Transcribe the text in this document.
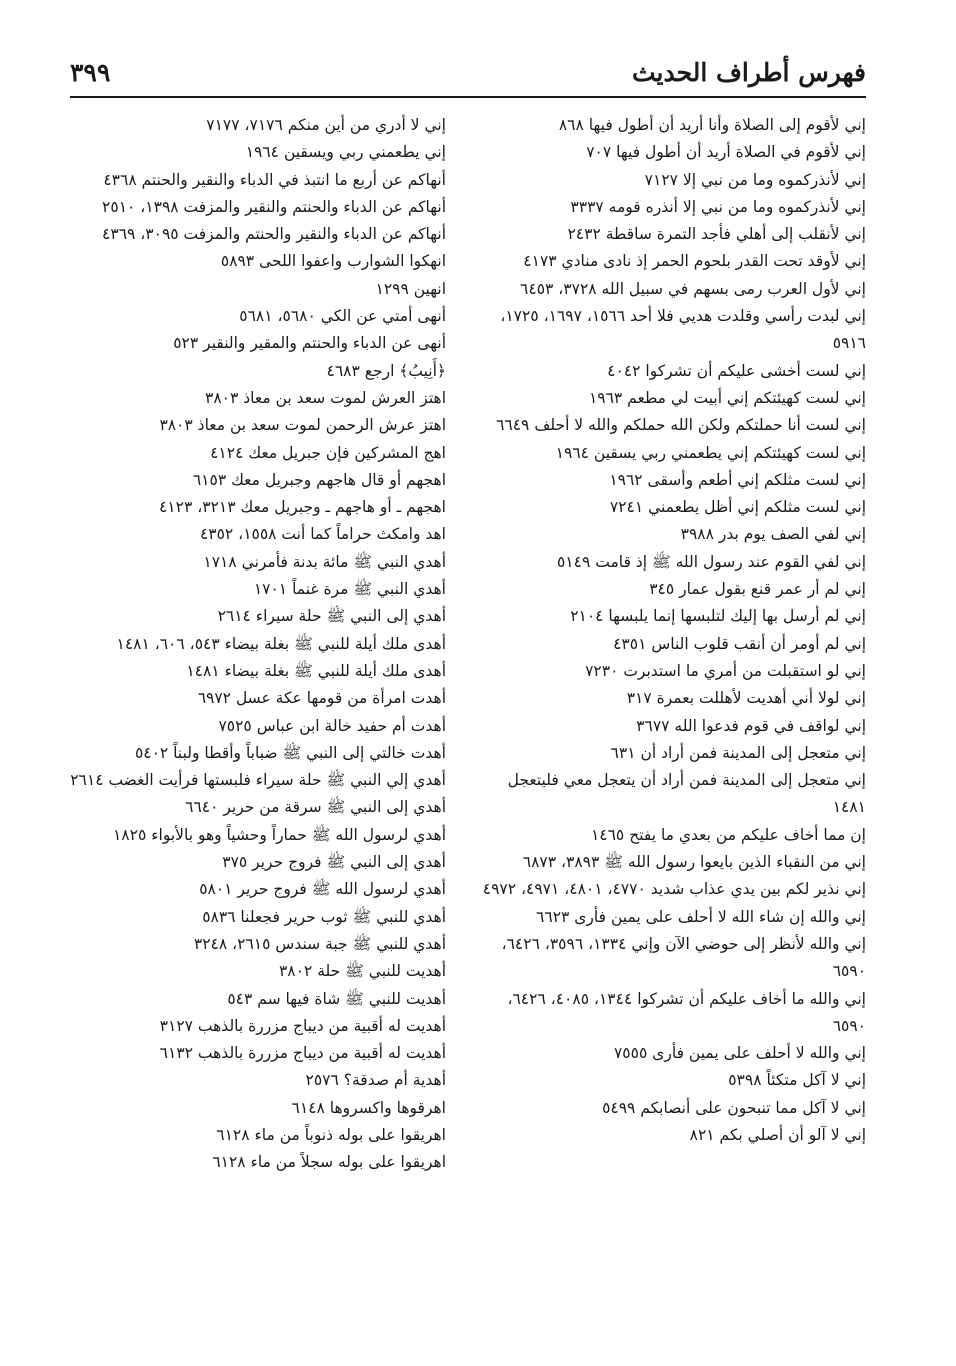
فهرس أطراف الحديث
٣٩٩

إني لأقوم إلى الصلاة وأنا أريد أن أطول فيها ٨٦٨

إني لأقوم في الصلاة أريد أن أطول فيها ٧٠٧

إني لأنذركموه وما من نبي إلا ٧١٢٧

إني لأنذركموه وما من نبي إلا أنذره قومه ٣٣٣٧

إني لأنقلب إلى أهلي فأجد التمرة ساقطة ٢٤٣٢

إني لأوقد تحت القدر بلحوم الحمر إذ نادى منادي ٤١٧٣

إني لأول العرب رمى بسهم في سبيل الله ٣٧٢٨، ٦٤٥٣

إني لبدت رأسي وقلدت هديي فلا أحد ١٥٦٦، ١٦٩٧، ١٧٢٥، ٥٩١٦

إني لست أخشى عليكم أن تشركوا ٤٠٤٢

إني لست كهيئتكم إني أبيت لي مطعم ١٩٦٣

إني لست أنا حملتكم ولكن الله حملكم والله لا أحلف ٦٦٤٩

إني لست كهيئتكم إني يطعمني ربي يسقين ١٩٦٤

إني لست مثلكم إني أطعم وأسقى ١٩٦٢

إني لست مثلكم إني أظل يطعمني ٧٢٤١

إني لفي الصف يوم بدر ٣٩٨٨

إني لفي القوم عند رسول الله ﷺ إذ قامت ٥١٤٩

إني لم أر عمر قنع بقول عمار ٣٤٥

إني لم أرسل بها إليك لتلبسها إنما يلبسها ٢١٠٤

إني لم أومر أن أنقب قلوب الناس ٤٣٥١

إني لو استقبلت من أمري ما استدبرت ٧٢٣٠

إني لولا أني أهديت لأهللت بعمرة ٣١٧

إني لواقف في قوم فدعوا الله ٣٦٧٧

إني متعجل إلى المدينة فمن أراد أن ٦٣١

إني متعجل إلى المدينة فمن أراد أن يتعجل معي فليتعجل ١٤٨١

إن مما أخاف عليكم من بعدي ما يفتح ١٤٦٥

إني من النقباء الذين بايعوا رسول الله ﷺ ٣٨٩٣، ٦٨٧٣

إني نذير لكم بين يدي عذاب شديد ٤٧٧٠، ٤٨٠١، ٤٩٧١، ٤٩٧٢

إني والله إن شاء الله لا أحلف على يمين فأرى ٦٦٢٣

إني والله لأنظر إلى حوضي الآن وإني ١٣٣٤، ٣٥٩٦، ٦٤٢٦، ٦٥٩٠

إني والله ما أخاف عليكم أن تشركوا ١٣٤٤، ٤٠٨٥، ٦٤٢٦، ٦٥٩٠

إني والله لا أحلف على يمين فأرى ٧٥٥٥

إني لا آكل متكئاً ٥٣٩٨

إني لا آكل مما تنبحون على أنصابكم ٥٤٩٩

إني لا آلو أن أصلي بكم ٨٢١

إني لا أدري من أين منكم ٧١٧٦، ٧١٧٧

إني يطعمني ربي ويسقين ١٩٦٤

أنهاكم عن أربع ما انتبذ في الدباء والنقير والحنتم ٤٣٦٨

أنهاكم عن الدباء والحنتم والنقير والمزفت ١٣٩٨، ٢٥١٠

أنهاكم عن الدباء والنقير والحنتم والمزفت ٣٠٩٥، ٤٣٦٩

انهكوا الشوارب واعفوا اللحى ٥٨٩٣

انهين ١٢٩٩

أنهى أمتي عن الكي ٥٦٨٠، ٥٦٨١

أنهى عن الدباء والحنتم والمقير والنقير ٥٢٣

﴿أَنِيبُ﴾ ارجع ٤٦٨٣

اهتز العرش لموت سعد بن معاذ ٣٨٠٣

اهتز عرش الرحمن لموت سعد بن معاذ ٣٨٠٣

اهج المشركين فإن جبريل معك ٤١٢٤

اهجهم أو قال هاجهم وجبريل معك ٦١٥٣

اهجهم ـ أو هاجهم ـ وجبريل معك ٣٢١٣، ٤١٢٣

اهد وامكث حراماً كما أنت ١٥٥٨، ٤٣٥٢

أهدي النبي ﷺ مائة بدنة فأمرني ١٧١٨

أهدي النبي ﷺ مرة غنماً ١٧٠١

أهدي إلى النبي ﷺ حلة سيراء ٢٦١٤

أهدى ملك أيلة للنبي ﷺ بغلة بيضاء ٥٤٣، ٦٠٦، ١٤٨١

أهدى ملك أيلة للنبي ﷺ بغلة بيضاء ١٤٨١

أهدت امرأة من قومها عكة عسل ٦٩٧٢

أهدت أم حفيد خالة ابن عباس ٧٥٢٥

أهدت خالتي إلى النبي ﷺ ضباباً وأقطا ولبناً ٥٤٠٢

أهدي إلي النبي ﷺ حلة سيراء فلبستها فرأيت الغضب ٢٦١٤

أهدي إلى النبي ﷺ سرقة من حرير ٦٦٤٠

أهدي لرسول الله ﷺ حماراً وحشياً وهو بالأبواء ١٨٢٥

أهدي إلى النبي ﷺ فروج حرير ٣٧٥

أهدي لرسول الله ﷺ فروج حرير ٥٨٠١

أهدي للنبي ﷺ ثوب حرير فجعلنا ٥٨٣٦

أهدي للنبي ﷺ جبة سندس ٢٦١٥، ٣٢٤٨

أهديت للنبي ﷺ حلة ٣٨٠٢

أهديت للنبي ﷺ شاة فيها سم ٥٤٣

أهديت له أقبية من ديباج مزررة بالذهب ٣١٢٧

أهديت له أقبية من ديباج مزررة بالذهب ٦١٣٢

أهدية أم صدقة؟ ٢٥٧٦

اهرقوها واكسروها ٦١٤٨

اهريقوا على بوله ذنوباً من ماء ٦١٢٨

اهريقوا على بوله سجلاً من ماء ٦١٢٨
